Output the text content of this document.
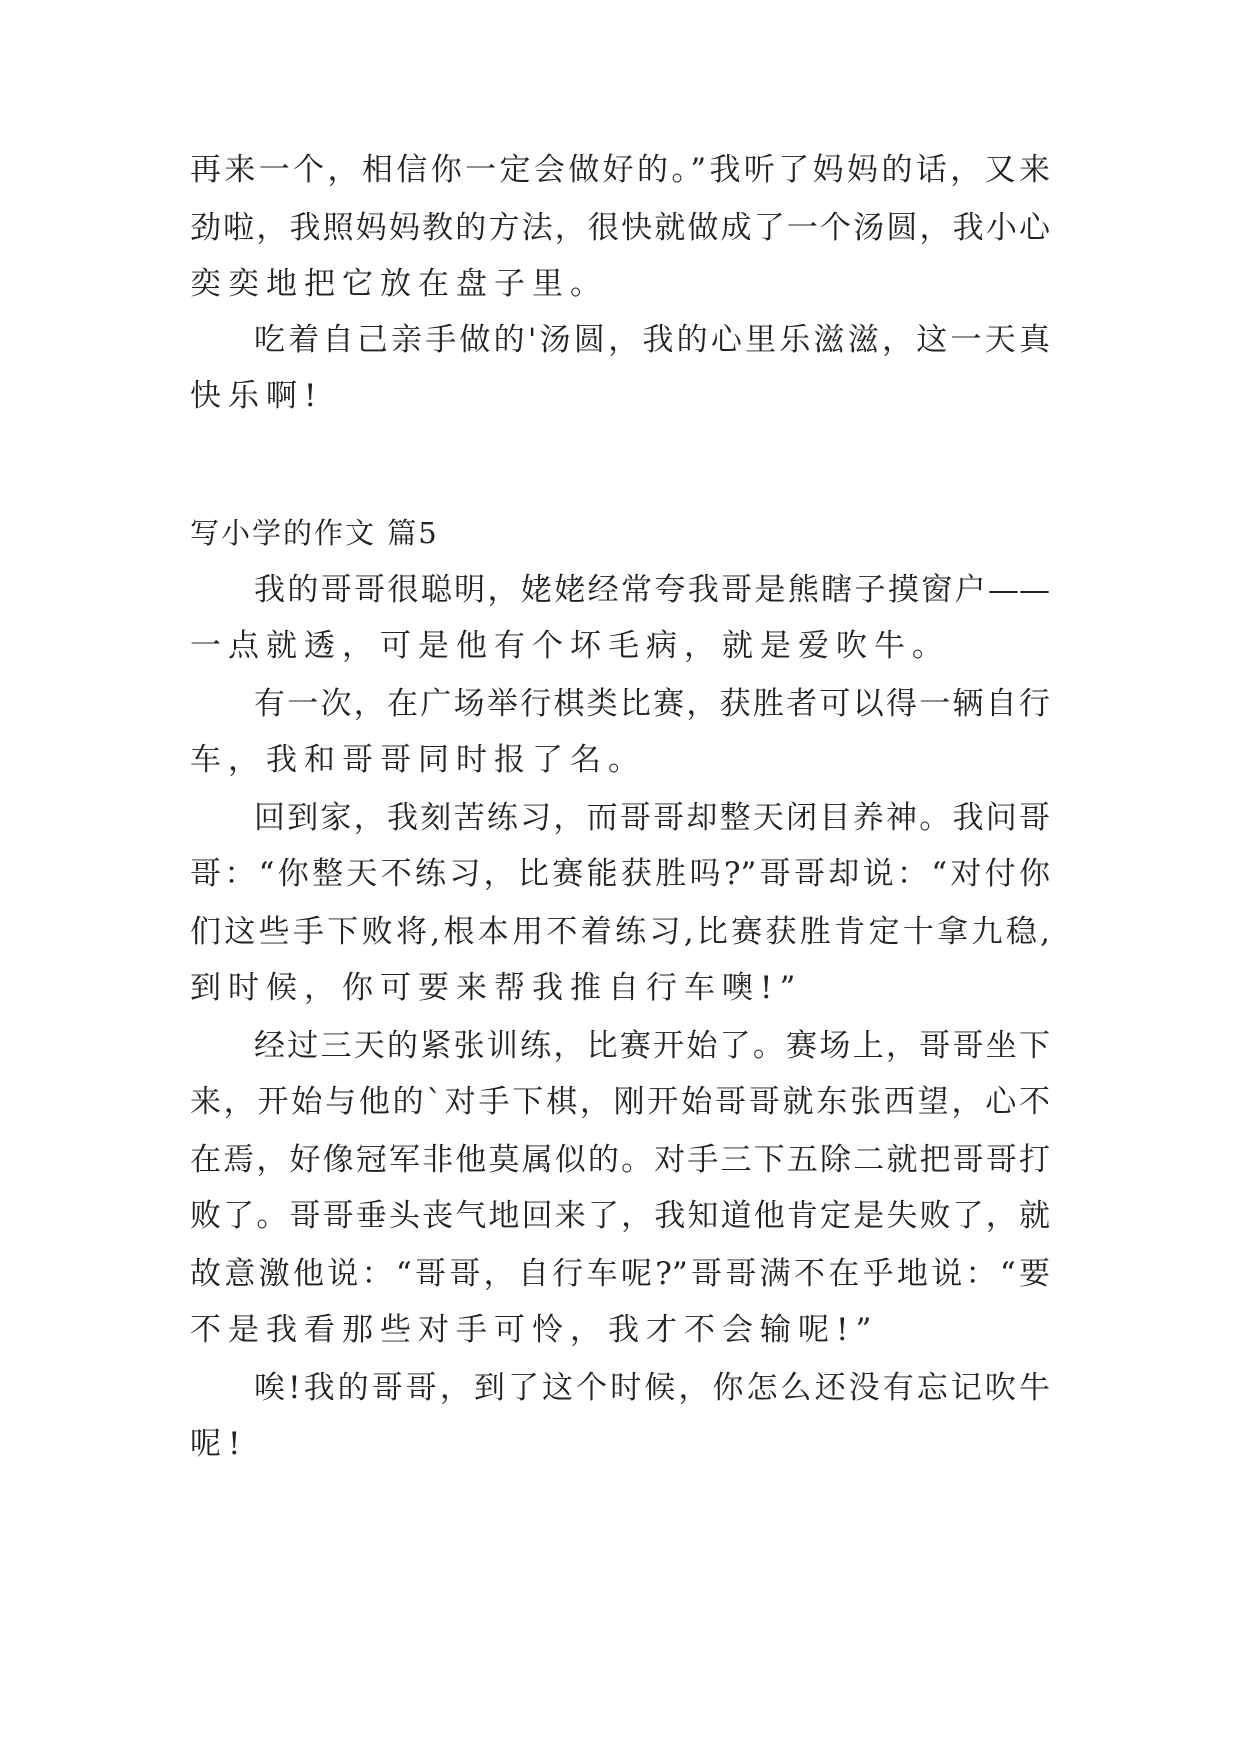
再来一个，相信你一定会做好的。”我听了妈妈的话，又来
劲啦，我照妈妈教的方法，很快就做成了一个汤圆，我小心
奕奕地把它放在盘子里。
吃着自己亲手做的'汤圆，我的心里乐滋滋，这一天真
快乐啊!
写小学的作文 篇5
我的哥哥很聪明，姥姥经常夸我哥是熊瞎子摸窗户——
一点就透，可是他有个坏毛病，就是爱吹牛。
有一次，在广场举行棋类比赛，获胜者可以得一辆自行
车，我和哥哥同时报了名。
回到家，我刻苦练习，而哥哥却整天闭目养神。我问哥
哥：“你整天不练习，比赛能获胜吗?”哥哥却说：“对付你
们这些手下败将,根本用不着练习,比赛获胜肯定十拿九稳,
到时候，你可要来帮我推自行车噢!”
经过三天的紧张训练，比赛开始了。赛场上，哥哥坐下
来，开始与他的`对手下棋，刚开始哥哥就东张西望，心不
在焉，好像冠军非他莫属似的。对手三下五除二就把哥哥打
败了。哥哥垂头丧气地回来了，我知道他肯定是失败了，就
故意激他说：“哥哥，自行车呢?”哥哥满不在乎地说：“要
不是我看那些对手可怜，我才不会输呢!”
唉!我的哥哥，到了这个时候，你怎么还没有忘记吹牛
呢!
